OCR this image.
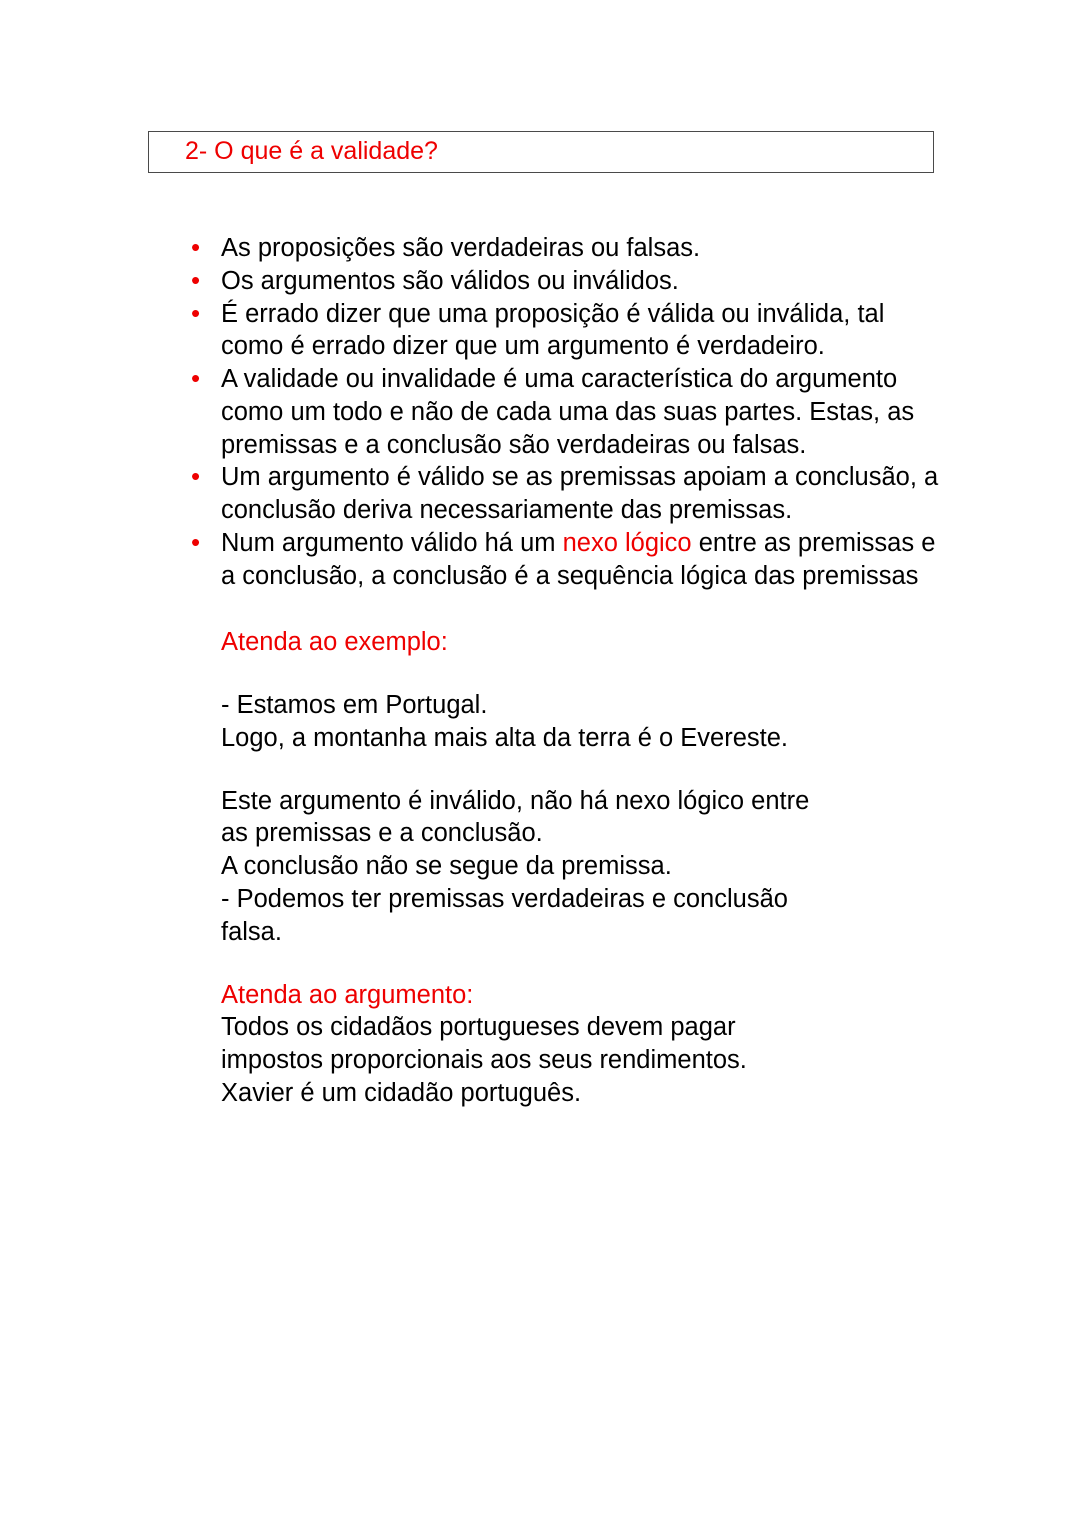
2- O que é a validade?
• As proposições são verdadeiras ou falsas.
• Os argumentos são válidos ou inválidos.
• É errado dizer que uma proposição é válida ou inválida, tal como é errado dizer que um argumento é verdadeiro.
• A validade ou invalidade é uma característica do argumento como um todo e não de cada uma das suas partes. Estas, as premissas e a conclusão são verdadeiras ou falsas.
• Um argumento é válido se as premissas apoiam a conclusão, a conclusão deriva necessariamente das premissas.
• Num argumento válido há um nexo lógico entre as premissas e a conclusão, a conclusão é a sequência lógica das premissas
Atenda ao exemplo:
- Estamos em Portugal.
Logo, a montanha mais alta da terra é o Evereste.
Este argumento é inválido, não há nexo lógico entre
as premissas e a conclusão.
A conclusão não se segue da premissa.
- Podemos ter premissas verdadeiras e conclusão
falsa.
Atenda ao argumento:
Todos os cidadãos portugueses devem pagar
impostos proporcionais aos seus rendimentos.
Xavier é um cidadão português.
